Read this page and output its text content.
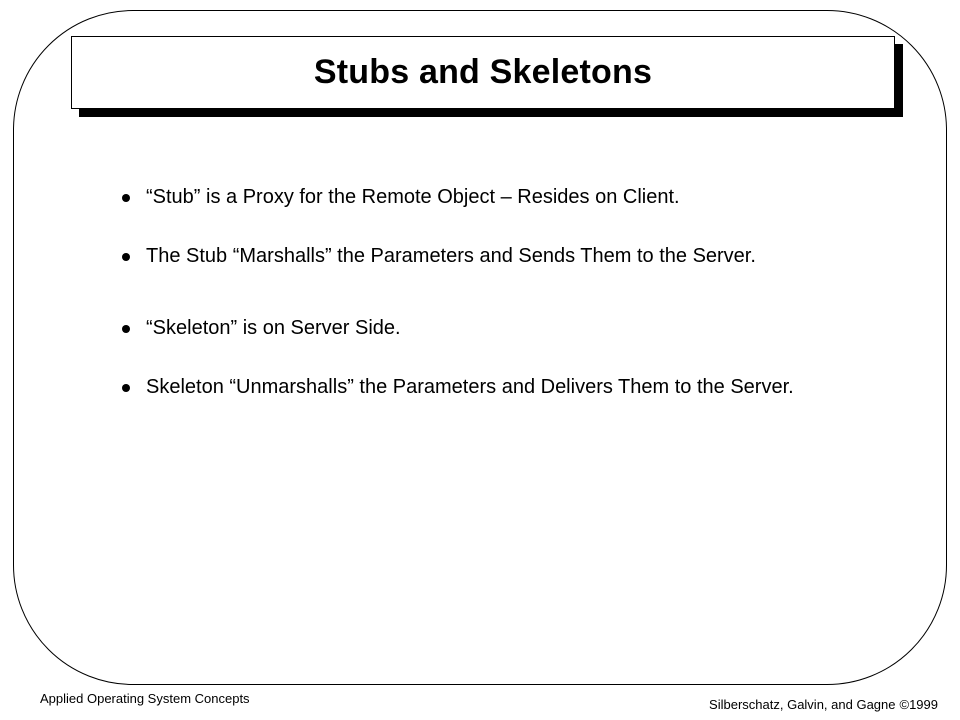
Stubs and Skeletons
“Stub” is a Proxy for the Remote Object – Resides on Client.
The Stub “Marshalls” the Parameters and Sends Them to the Server.
“Skeleton” is on Server Side.
Skeleton “Unmarshalls” the Parameters and Delivers Them to the Server.
Applied Operating System Concepts	Silberschatz, Galvin, and Gagne ©1999
